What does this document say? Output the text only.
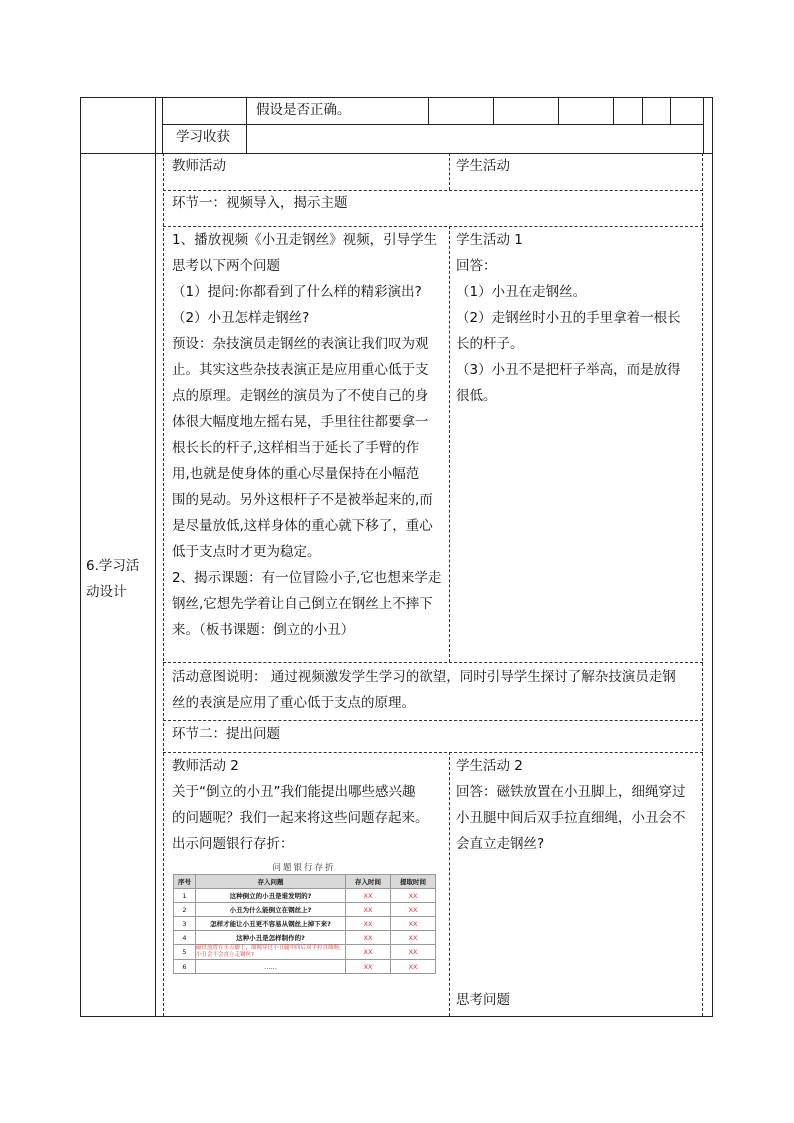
假设是否正确。
学习收获
6.学习活
动设计
教师活动	学生活动
环节一：视频导入，揭示主题
1、播放视频《小丑走钢丝》视频，引导学生
思考以下两个问题
（1）提问:你都看到了什么样的精彩演出?
（2）小丑怎样走钢丝?
预设：杂技演员走钢丝的表演让我们叹为观
止。其实这些杂技表演正是应用重心低于支
点的原理。走钢丝的演员为了不使自己的身
体很大幅度地左摇右晃，手里往往都要拿一
根长长的杆子,这样相当于延长了手臂的作
用,也就是使身体的重心尽量保持在小幅范
围的晃动。另外这根杆子不是被举起来的,而
是尽量放低,这样身体的重心就下移了，重心
低于支点时才更为稳定。
2、揭示课题：有一位冒险小子,它也想来学走
钢丝,它想先学着让自己倒立在钢丝上不摔下
来。（板书课题：倒立的小丑）
学生活动 1
回答：
（1）小丑在走钢丝。
（2）走钢丝时小丑的手里拿着一根长
长的杆子。
（3）小丑不是把杆子举高，而是放得
很低。
活动意图说明： 通过视频激发学生学习的欲望，同时引导学生探讨了解杂技演员走钢
丝的表演是应用了重心低于支点的原理。
环节二：提出问题
教师活动 2
关于“倒立的小丑”我们能提出哪些感兴趣
的问题呢？我们一起来将这些问题存起来。
出示问题银行存折：
学生活动 2
回答：磁铁放置在小丑脚上，细绳穿过
小丑腿中间后双手拉直细绳，小丑会不
会直立走钢丝?
思考问题
问题银行存折
序号	存入问题	存入时间	提取时间
1	这种倒立的小丑是谁发明的?	XX	XX
2	小丑为什么能倒立在钢丝上?	XX	XX
3	怎样才能让小丑更不容易从钢丝上掉下来?	XX	XX
4	这种小丑是怎样制作的?	XX	XX
5	磁铁放置在小丑脚上，细绳穿过小丑腿中间后双手拉直细绳，小丑会不会直立走钢丝?	XX	XX
6	……	XX	XX
